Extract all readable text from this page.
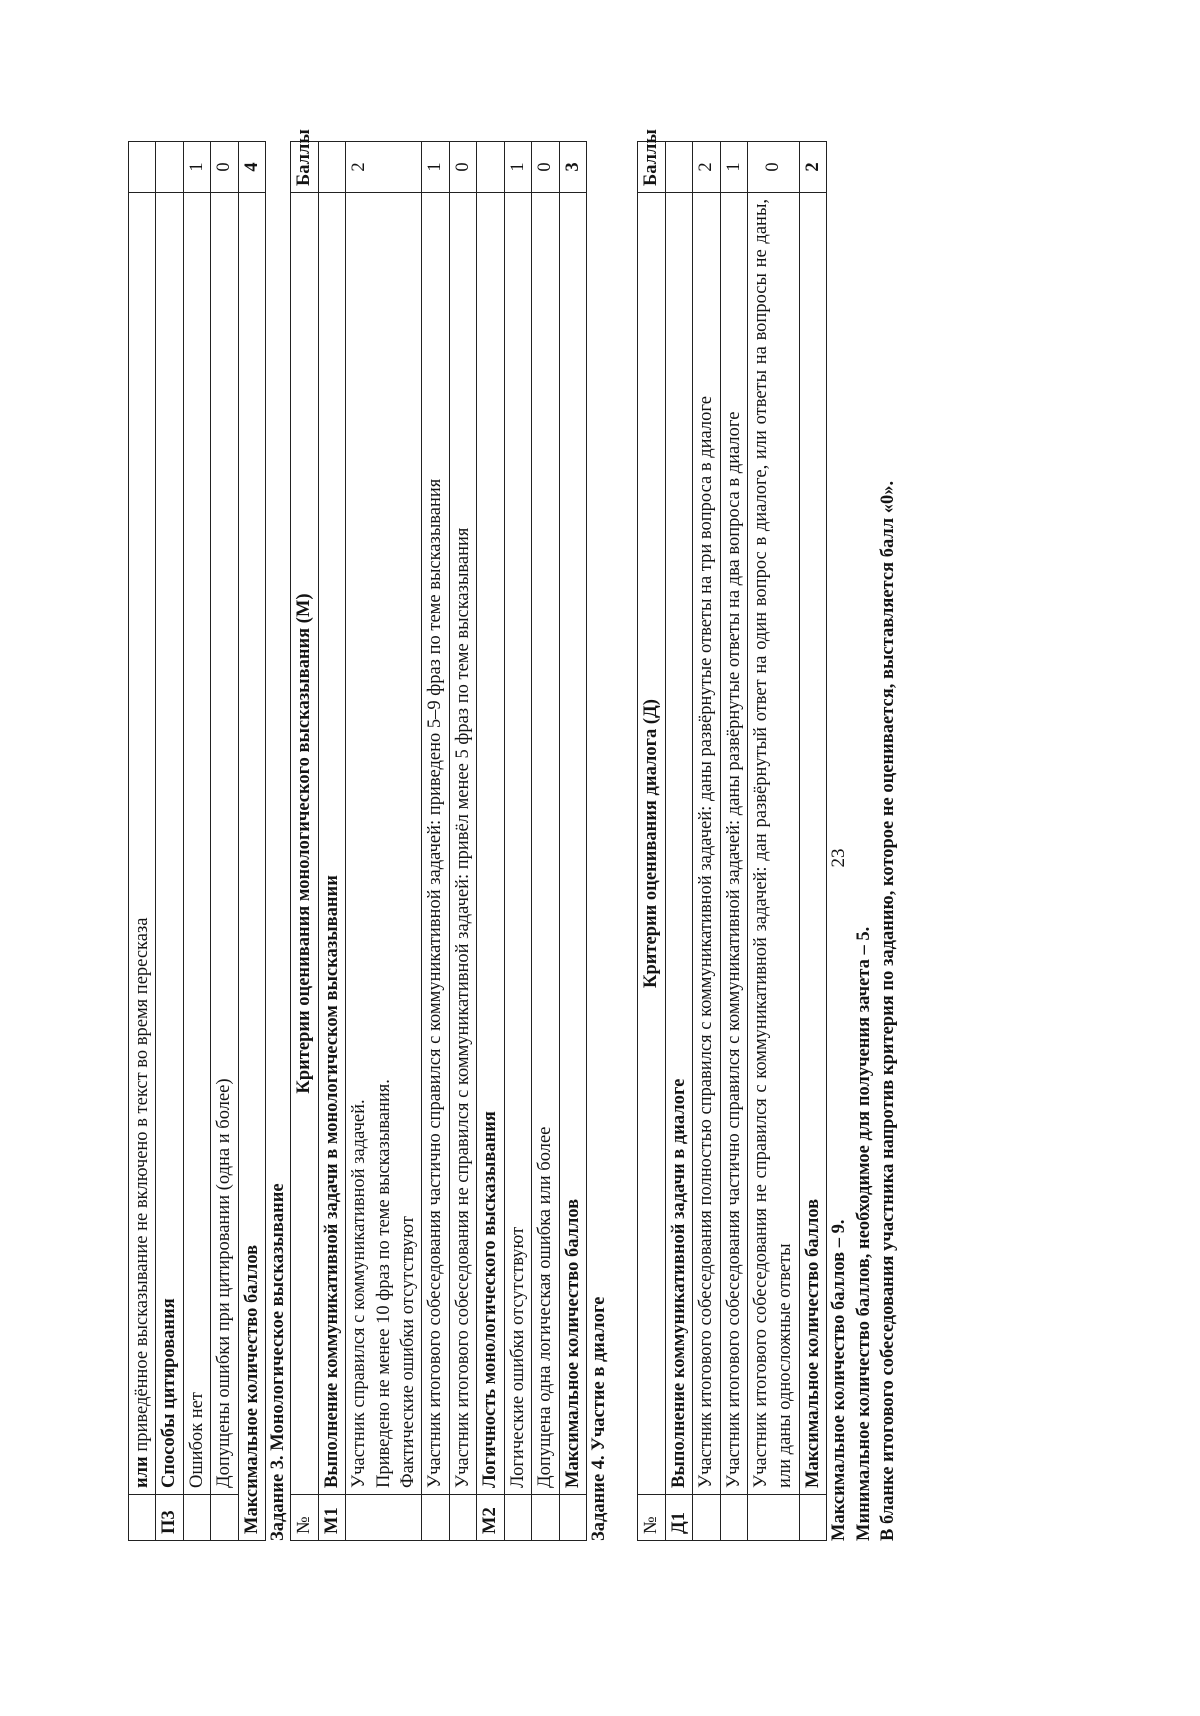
23
	или приведённое высказывание не включено в текст во время пересказа	
П3	Способы цитирования	
	Ошибок нет	1
	Допущены ошибки при цитировании (одна и более)	0
Максимальное количество баллов		4

Задание 3. Монологическое высказывание №	Критерии оценивания монологического высказывания (М)	Баллы
М1	Выполнение коммуникативной задачи в монологическом высказывании	

	Участник справился с коммуникативной задачей. Приведено не менее 10 фраз по теме высказывания. Фактические ошибки отсутствуют	2
	Участник итогового собеседования частично справился с коммуникативной задачей: приведено 5–9 фраз по теме высказывания	1
	Участник итогового собеседования не справился с коммуникативной задачей: привёл менее 5 фраз по теме высказывания	0
М2	Логичность монологического высказывания	
	Логические ошибки отсутствуют	1
	Допущена одна логическая ошибка или более	0
	Максимальное количество баллов	3

Задание 4. Участие в диалоге №	Критерии оценивания диалога (Д)	Баллы
Д1	Выполнение коммуникативной задачи в диалоге	
	Участник итогового собеседования полностью справился с коммуникативной задачей: даны развёрнутые ответы на три вопроса в диалоге	2
	Участник итогового собеседования частично справился с коммуникативной задачей: даны развёрнутые ответы на два вопроса в диалоге	1
	Участник итогового собеседования не справился с коммуникативной задачей: дан развёрнутый ответ на один вопрос в диалоге, или ответы на вопросы не даны, или даны односложные ответы	0
	Максимальное количество баллов	2

Максимальное количество баллов – 9. Минимальное количество баллов, необходимое для получения зачета – 5. В бланке итогового собеседования участника напротив критерия по заданию, которое не оценивается, выставляется балл «0».
